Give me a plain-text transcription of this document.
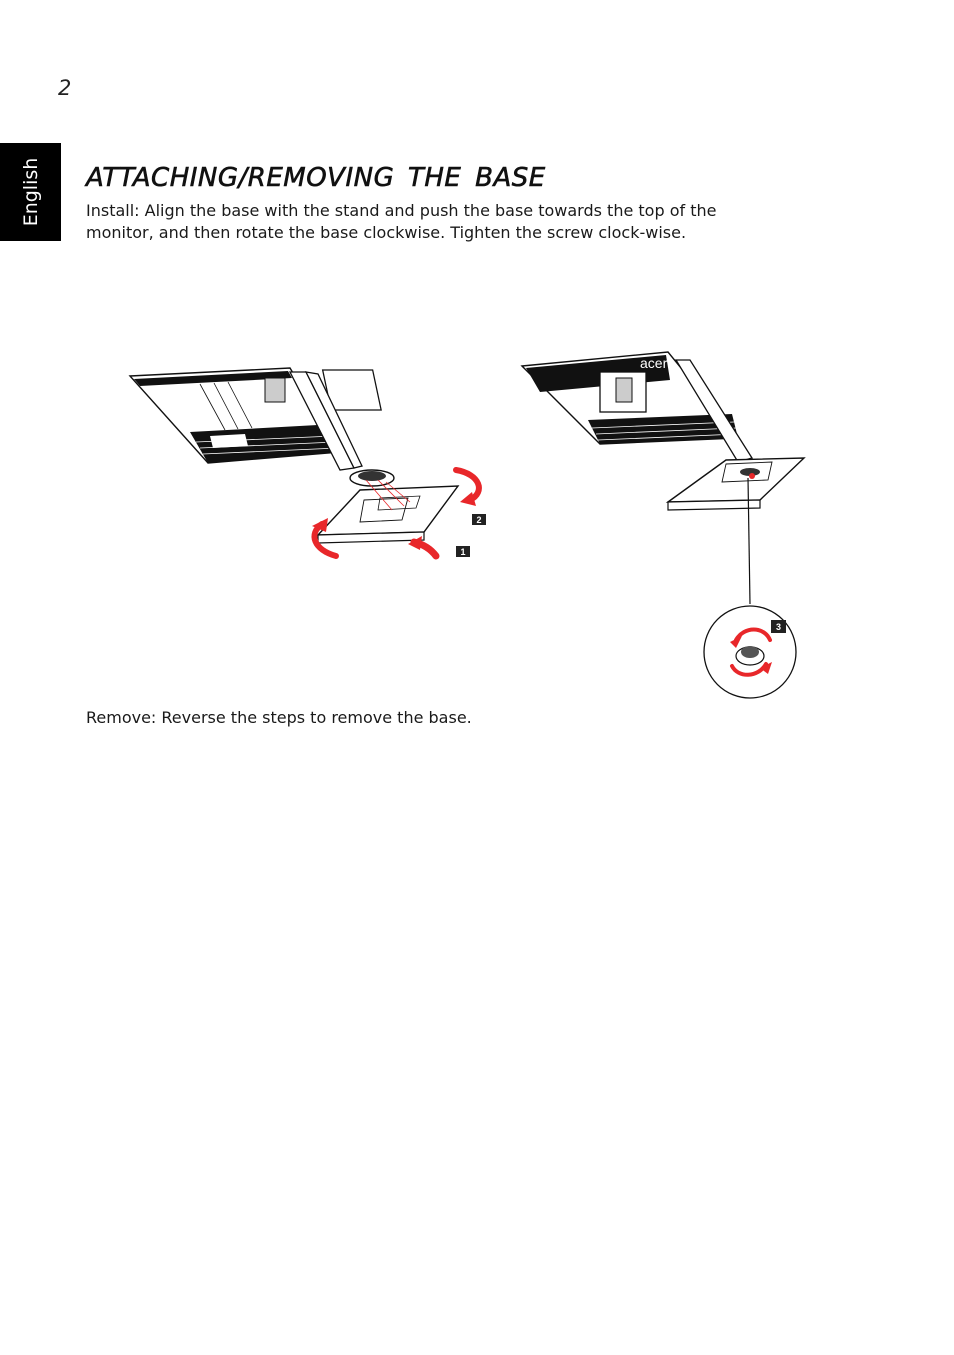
2
English ATTACHING/REMOVING THE BASE

Install: Align the base with the stand and push the base towards the top of the monitor, and then rotate the base clockwise. Tighten the screw clock-wise.

2
1
acer
3

Remove: Reverse the steps to remove the base.
